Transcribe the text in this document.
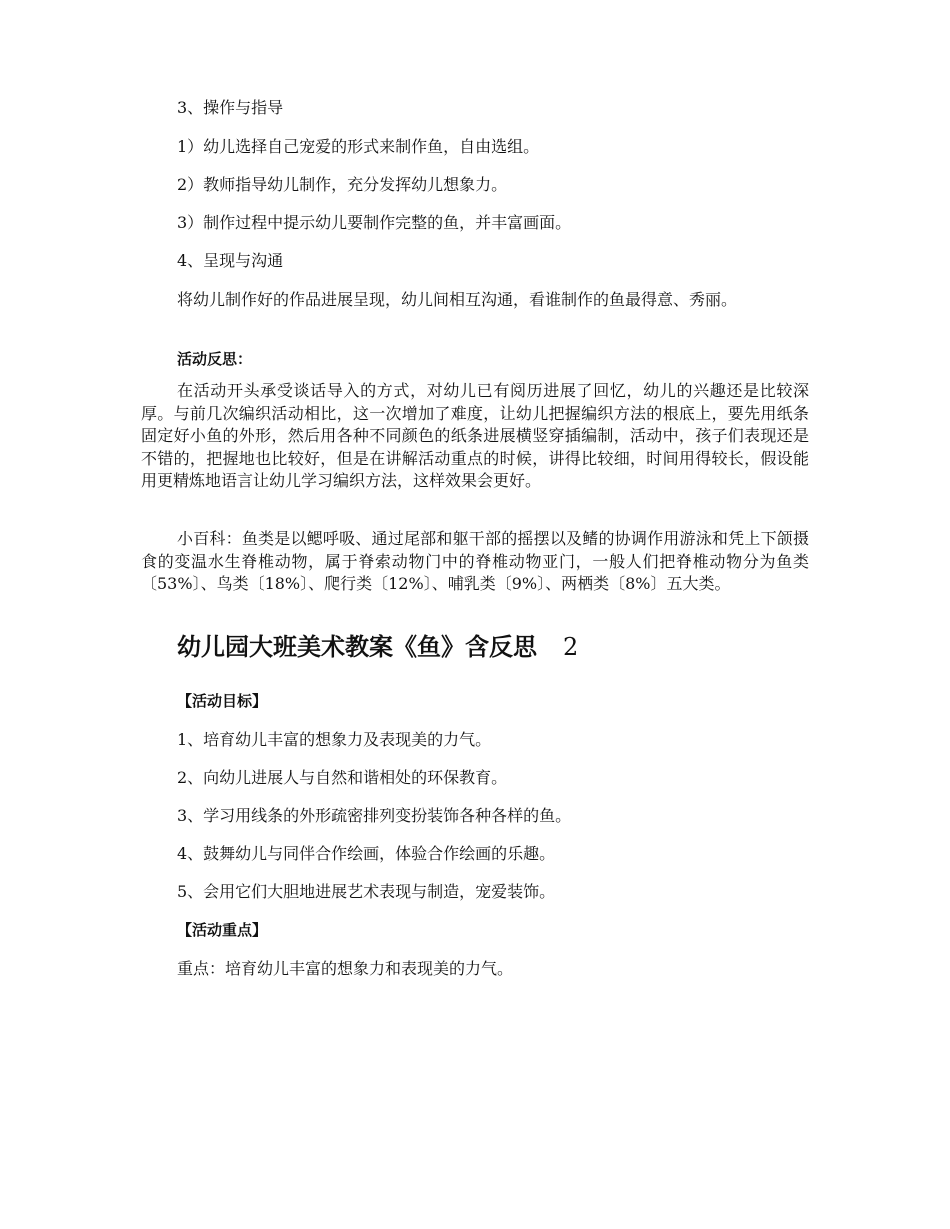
3、操作与指导
1）幼儿选择自己宠爱的形式来制作鱼，自由选组。
2）教师指导幼儿制作，充分发挥幼儿想象力。
3）制作过程中提示幼儿要制作完整的鱼，并丰富画面。
4、呈现与沟通
将幼儿制作好的作品进展呈现，幼儿间相互沟通，看谁制作的鱼最得意、秀丽。
活动反思：
在活动开头承受谈话导入的方式，对幼儿已有阅历进展了回忆，幼儿的兴趣还是比较深厚。与前几次编织活动相比，这一次增加了难度，让幼儿把握编织方法的根底上，要先用纸条固定好小鱼的外形，然后用各种不同颜色的纸条进展横竖穿插编制，活动中，孩子们表现还是不错的，把握地也比较好，但是在讲解活动重点的时候，讲得比较细，时间用得较长，假设能用更精炼地语言让幼儿学习编织方法，这样效果会更好。
小百科：鱼类是以鳃呼吸、通过尾部和躯干部的摇摆以及鳍的协调作用游泳和凭上下颌摄食的变温水生脊椎动物，属于脊索动物门中的脊椎动物亚门，一般人们把脊椎动物分为鱼类〔53%〕、鸟类〔18%〕、爬行类〔12%〕、哺乳类〔9%〕、两栖类〔8%〕五大类。
幼儿园大班美术教案《鱼》含反思 2
【活动目标】
1、培育幼儿丰富的想象力及表现美的力气。
2、向幼儿进展人与自然和谐相处的环保教育。
3、学习用线条的外形疏密排列变扮装饰各种各样的鱼。
4、鼓舞幼儿与同伴合作绘画，体验合作绘画的乐趣。
5、会用它们大胆地进展艺术表现与制造，宠爱装饰。
【活动重点】
重点：培育幼儿丰富的想象力和表现美的力气。
